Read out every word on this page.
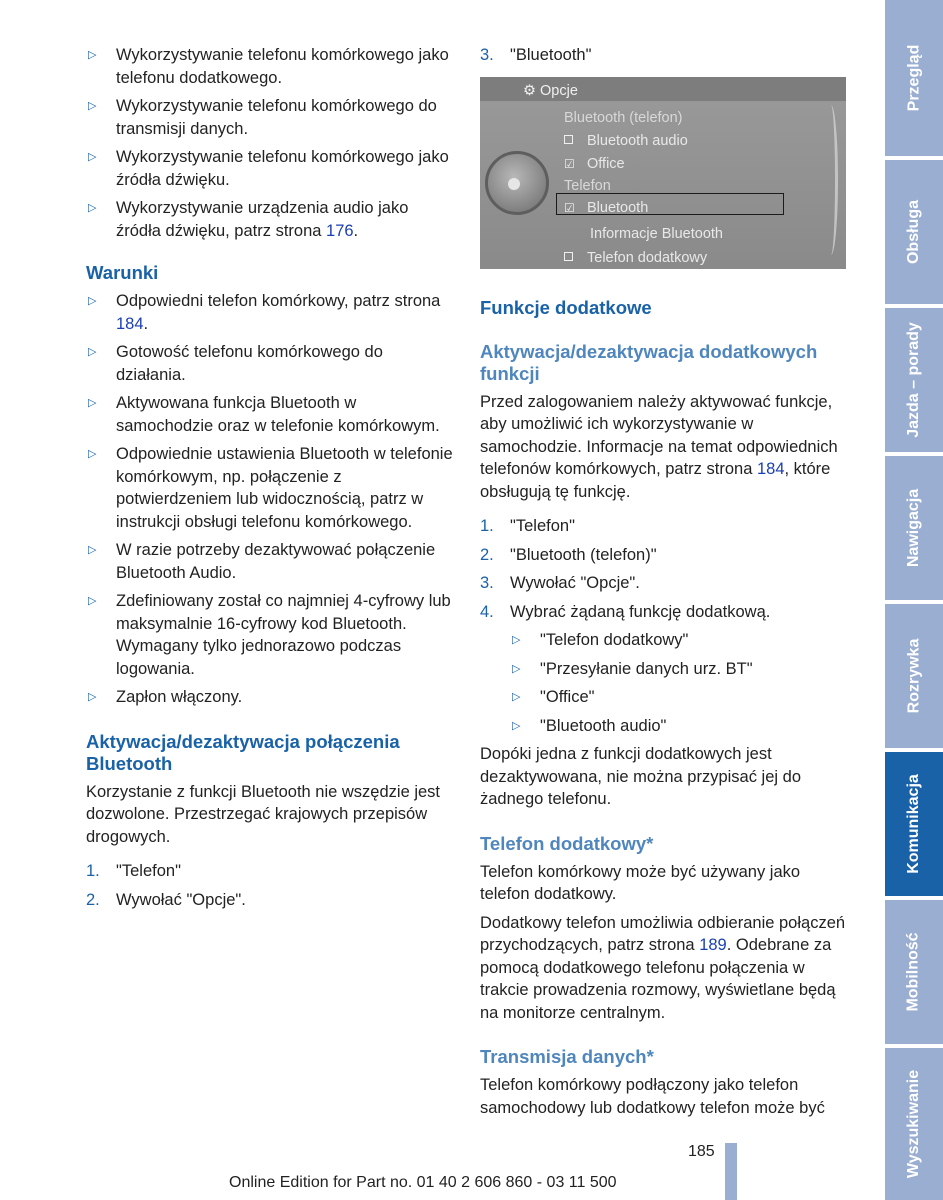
▷ Wykorzystywanie telefonu komórkowego jako telefonu dodatkowego.
▷ Wykorzystywanie telefonu komórkowego do transmisji danych.
▷ Wykorzystywanie telefonu komórkowego jako źródła dźwięku.
▷ Wykorzystywanie urządzenia audio jako źródła dźwięku, patrz strona 176.
Warunki
▷ Odpowiedni telefon komórkowy, patrz strona 184.
▷ Gotowość telefonu komórkowego do działania.
▷ Aktywowana funkcja Bluetooth w samochodzie oraz w telefonie komórkowym.
▷ Odpowiednie ustawienia Bluetooth w telefonie komórkowym, np. połączenie z potwierdzeniem lub widocznością, patrz w instrukcji obsługi telefonu komórkowego.
▷ W razie potrzeby dezaktywować połączenie Bluetooth Audio.
▷ Zdefiniowany został co najmniej 4-cyfrowy lub maksymalnie 16-cyfrowy kod Bluetooth. Wymagany tylko jednorazowo podczas logowania.
▷ Zapłon włączony.
Aktywacja/dezaktywacja połączenia Bluetooth

Korzystanie z funkcji Bluetooth nie wszędzie jest dozwolone. Przestrzegać krajowych przepisów drogowych.

1. "Telefon"
2. Wywołać "Opcje".
3. "Bluetooth"
⚙ Opcje
Bluetooth (telefon)
Bluetooth audio
☑ Office
Telefon
☑ Bluetooth
Informacje Bluetooth
Telefon dodatkowy
Funkcje dodatkowe
Aktywacja/dezaktywacja dodatkowych funkcji

Przed zalogowaniem należy aktywować funkcje, aby umożliwić ich wykorzystywanie w samochodzie. Informacje na temat odpowiednich telefonów komórkowych, patrz strona 184, które obsługują tę funkcję.

1. "Telefon"
2. "Bluetooth (telefon)"
3. Wywołać "Opcje".
4. Wybrać żądaną funkcję dodatkową.
▷ "Telefon dodatkowy"
▷ "Przesyłanie danych urz. BT"
▷ "Office"
▷ "Bluetooth audio"

Dopóki jedna z funkcji dodatkowych jest dezaktywowana, nie można przypisać jej do żadnego telefonu.

Telefon dodatkowy*

Telefon komórkowy może być używany jako telefon dodatkowy.

Dodatkowy telefon umożliwia odbieranie połączeń przychodzących, patrz strona 189. Odebrane za pomocą dodatkowego telefonu połączenia w trakcie prowadzenia rozmowy, wyświetlane będą na monitorze centralnym.

Transmisja danych*

Telefon komórkowy podłączony jako telefon samochodowy lub dodatkowy telefon może być

Przegląd
Obsługa
Jazda – porady
Nawigacja
Rozrywka
Komunikacja
Mobilność
Wyszukiwanie
185
Online Edition for Part no. 01 40 2 606 860 - 03 11 500
